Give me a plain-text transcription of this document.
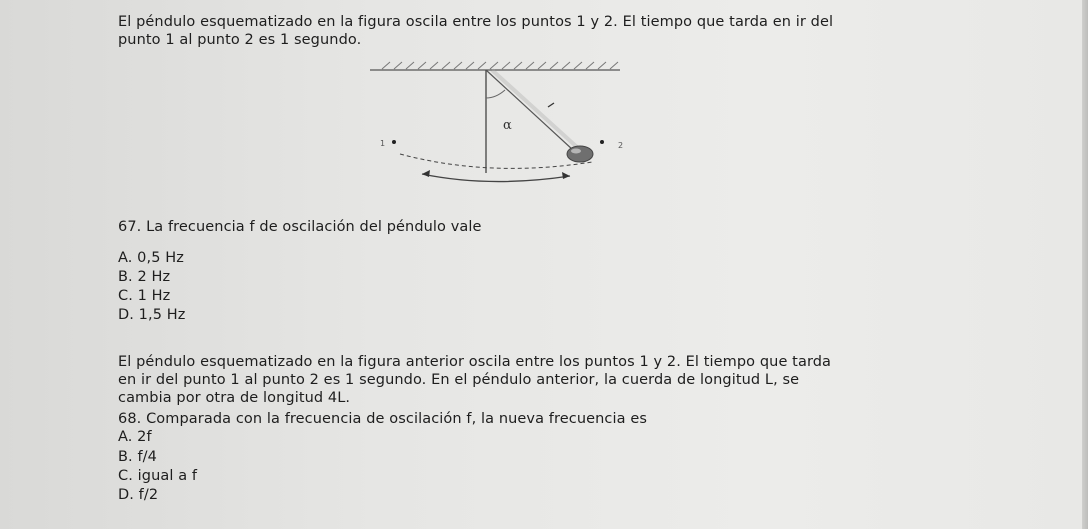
El péndulo esquematizado en la figura oscila entre los puntos 1 y 2. El tiempo que tarda en ir del
punto 1 al punto 2 es 1 segundo.
α
1	2
67. La frecuencia f de oscilación del péndulo vale
A. 0,5 Hz
B. 2 Hz
C. 1 Hz
D. 1,5 Hz
El péndulo esquematizado en la figura anterior oscila entre los puntos 1 y 2. El tiempo que tarda
en ir del punto 1 al punto 2 es 1 segundo. En el péndulo anterior, la cuerda de longitud L, se
cambia por otra de longitud 4L.
68. Comparada con la frecuencia de oscilación f, la nueva frecuencia es
A. 2f
B. f/4
C. igual a f
D. f/2
